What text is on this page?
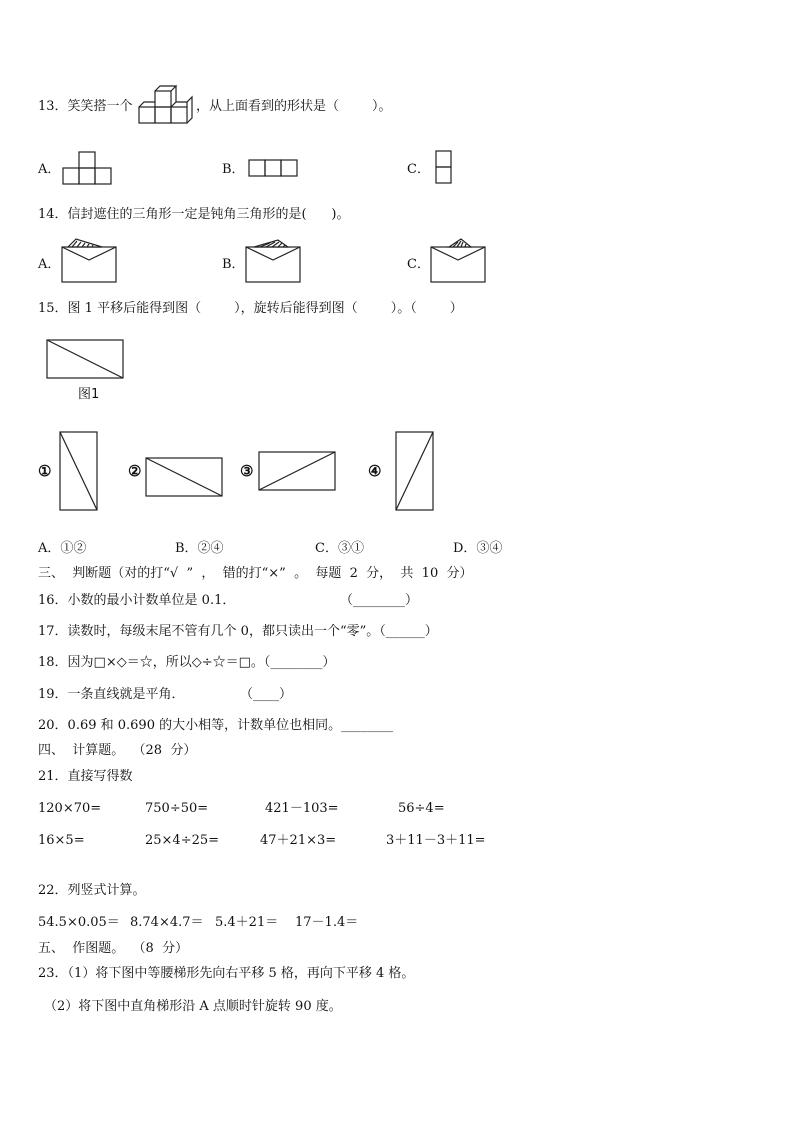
13．笑笑搭一个	，从上面看到的形状是（        ）。
A．	B．	C．
14．信封遮住的三角形一定是钝角三角形的是(      )。
A．	B．	C．
15．图 1 平移后能得到图（        ），旋转后能得到图（        ）。（        ）
图1
①	②	③	④
A．①②	B．②④	C．③①	D．③④
三、  判断题（对的打“√  ”  ，  错的打“×”  。  每题  2  分，  共  10  分）
16．小数的最小计数单位是 0.1．	（________）
17．读数时，每级末尾不管有几个 0，都只读出一个“零”。（______）
18．因为□×◇＝☆，所以◇÷☆＝□。（________）
19．一条直线就是平角．	（____）
20．0.69 和 0.690 的大小相等，计数单位也相同。________
四、  计算题。  （28  分）
21．直接写得数
120×70=	750÷50=	421－103=	56÷4=
16×5=	25×4÷25=	47＋21×3=	3＋11－3＋11=
22．列竖式计算。
54.5×0.05＝ 8.74×4.7＝ 5.4＋21＝ 17－1.4＝
五、  作图题。  （8  分）
23．（1）将下图中等腰梯形先向右平移 5 格，再向下平移 4 格。
（2）将下图中直角梯形沿 A 点顺时针旋转 90 度。
